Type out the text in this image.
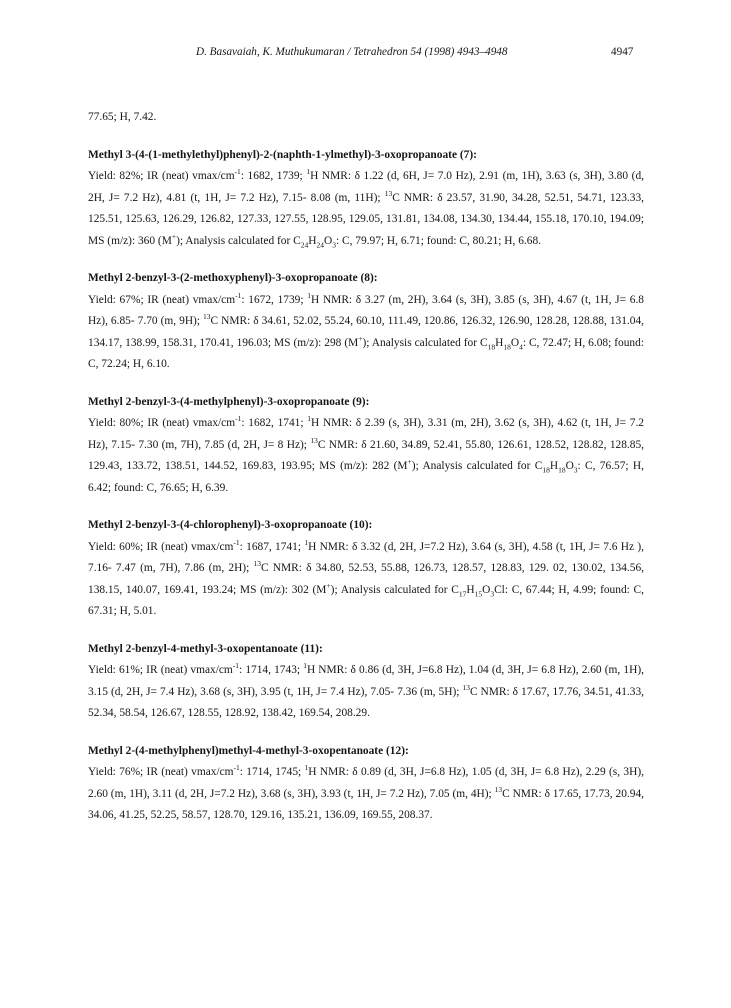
D. Basavaiah, K. Muthukumaran / Tetrahedron 54 (1998) 4943–4948	4947

77.65; H, 7.42.

Methyl 3-(4-(1-methylethyl)phenyl)-2-(naphth-1-ylmethyl)-3-oxopropanoate (7):

Yield: 82%; IR (neat) vmax/$cm^{-1}$: 1682, 1739; $^1$H NMR: δ 1.22 (d, 6H, J= 7.0 Hz), 2.91 (m, 1H), 3.63 (s, 3H), 3.80 (d, 2H, J= 7.2 Hz), 4.81 (t, 1H, J= 7.2 Hz), 7.15- 8.08 (m, 11H); $^{13}$C NMR: δ 23.57, 31.90, 34.28, 52.51, 54.71, 123.33, 125.51, 125.63, 126.29, 126.82, 127.33, 127.55, 128.95, 129.05, 131.81, 134.08, 134.30, 134.44, 155.18, 170.10, 194.09; MS (m/z): 360 (M+); Analysis calculated for $C_{24}H_{24}O_3$: C, 79.97; H, 6.71; found: C, 80.21; H, 6.68.

Methyl 2-benzyl-3-(2-methoxyphenyl)-3-oxopropanoate (8):

Yield: 67%; IR (neat) vmax/$cm^{-1}$: 1672, 1739; $^1$H NMR: δ 3.27 (m, 2H), 3.64 (s, 3H), 3.85 (s, 3H), 4.67 (t, 1H, J= 6.8 Hz), 6.85- 7.70 (m, 9H); $^{13}$C NMR: δ 34.61, 52.02, 55.24, 60.10, 111.49, 120.86, 126.32, 126.90, 128.28, 128.88, 131.04, 134.17, 138.99, 158.31, 170.41, 196.03; MS (m/z): 298 (M+); Analysis calculated for $C_{18}H_{18}O_4$: C, 72.47; H, 6.08; found: C, 72.24; H, 6.10.

Methyl 2-benzyl-3-(4-methylphenyl)-3-oxopropanoate (9):

Yield: 80%; IR (neat) vmax/$cm^{-1}$: 1682, 1741; $^1$H NMR: δ 2.39 (s, 3H), 3.31 (m, 2H), 3.62 (s, 3H), 4.62 (t, 1H, J= 7.2 Hz), 7.15- 7.30 (m, 7H), 7.85 (d, 2H, J= 8 Hz); $^{13}$C NMR: δ 21.60, 34.89, 52.41, 55.80, 126.61, 128.52, 128.82, 128.85, 129.43, 133.72, 138.51, 144.52, 169.83, 193.95; MS (m/z): 282 (M+); Analysis calculated for $C_{18}H_{18}O_3$: C, 76.57; H, 6.42; found: C, 76.65; H, 6.39.

Methyl 2-benzyl-3-(4-chlorophenyl)-3-oxopropanoate (10):

Yield: 60%; IR (neat) vmax/$cm^{-1}$: 1687, 1741; $^1$H NMR: δ 3.32 (d, 2H, J=7.2 Hz), 3.64 (s, 3H), 4.58 (t, 1H, J= 7.6 Hz ), 7.16- 7.47 (m, 7H), 7.86 (m, 2H); $^{13}$C NMR: δ 34.80, 52.53, 55.88, 126.73, 128.57, 128.83, 129. 02, 130.02, 134.56, 138.15, 140.07, 169.41, 193.24; MS (m/z): 302 (M+); Analysis calculated for $C_{17}H_{15}O_3Cl$: C, 67.44; H, 4.99; found: C, 67.31; H, 5.01.

Methyl 2-benzyl-4-methyl-3-oxopentanoate (11):

Yield: 61%; IR (neat) vmax/$cm^{-1}$: 1714, 1743; $^1$H NMR: δ 0.86 (d, 3H, J=6.8 Hz), 1.04 (d, 3H, J= 6.8 Hz), 2.60 (m, 1H), 3.15 (d, 2H, J= 7.4 Hz), 3.68 (s, 3H), 3.95 (t, 1H, J= 7.4 Hz), 7.05- 7.36 (m, 5H); $^{13}$C NMR: δ 17.67, 17.76, 34.51, 41.33, 52.34, 58.54, 126.67, 128.55, 128.92, 138.42, 169.54, 208.29.

Methyl 2-(4-methylphenyl)methyl-4-methyl-3-oxopentanoate (12):

Yield: 76%; IR (neat) vmax/$cm^{-1}$: 1714, 1745; $^1$H NMR: δ 0.89 (d, 3H, J=6.8 Hz), 1.05 (d, 3H, J= 6.8 Hz), 2.29 (s, 3H), 2.60 (m, 1H), 3.11 (d, 2H, J=7.2 Hz), 3.68 (s, 3H), 3.93 (t, 1H, J= 7.2 Hz), 7.05 (m, 4H); $^{13}$C NMR: δ 17.65, 17.73, 20.94, 34.06, 41.25, 52.25, 58.57, 128.70, 129.16, 135.21, 136.09, 169.55, 208.37.
